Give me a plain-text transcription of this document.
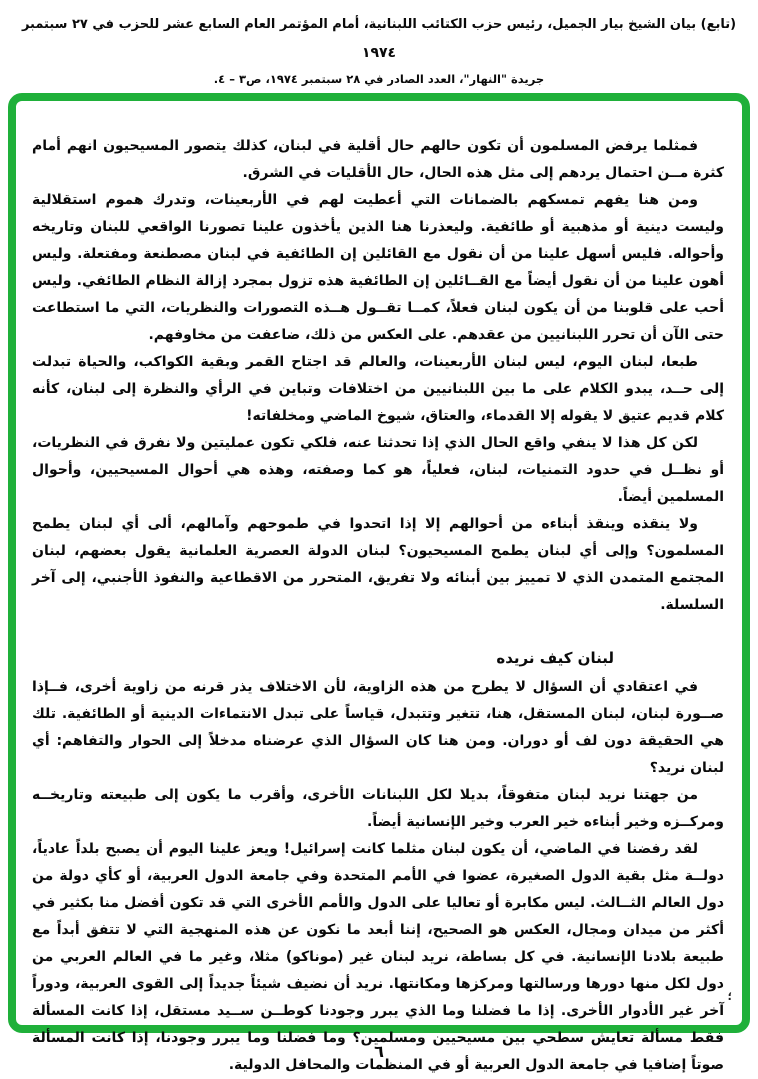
(تابع) بيان الشيخ بيار الجميل، رئيس حزب الكتائب اللبنانية، أمام المؤتمر العام السابع عشر للحزب في ٢٧ سبتمبر
١٩٧٤
جريدة "النهار"، العدد الصادر في ٢٨ سبتمبر ١٩٧٤، ص٣ – ٤.

فمثلما يرفض المسلمون أن تكون حالهم حال أقلية في لبنان، كذلك يتصور المسيحيون انهم أمام كثرة مــن احتمال يردهم إلى مثل هذه الحال، حال الأقليات في الشرق.

ومن هنا يفهم تمسكهم بالضمانات التي أعطيت لهم في الأربعينات، وتدرك هموم استقلالية وليست دينية أو مذهبية أو طائفية. وليعذرنا هنا الذين يأخذون علينا تصورنا الواقعي للبنان وتاريخه وأحواله. فليس أسهل علينا من أن نقول مع القائلين إن الطائفية في لبنان مصطنعة ومفتعلة. وليس أهون علينا من أن نقول أيضاً مع القــائلين إن الطائفية هذه تزول بمجرد إزالة النظام الطائفي. وليس أحب على قلوبنا من أن يكون لبنان فعلاً، كمــا تقــول هــذه التصورات والنظريات، التي ما استطاعت حتى الآن أن تحرر اللبنانيين من عقدهم. على العكس من ذلك، ضاعفت من مخاوفهم.

طبعا، لبنان اليوم، ليس لبنان الأربعينات، والعالم قد اجتاح القمر وبقية الكواكب، والحياة تبدلت إلى حــد، يبدو الكلام على ما بين اللبنانيين من اختلافات وتباين في الرأي والنظرة إلى لبنان، كأنه كلام قديم عتيق لا يقوله إلا القدماء، والعتاق، شيوخ الماضي ومخلفاته!

لكن كل هذا لا ينفي واقع الحال الذي إذا تحدثنا عنه، فلكي تكون عمليتين ولا نفرق في النظريات، أو نظــل في حدود التمنيات، لبنان، فعلياً، هو كما وصفته، وهذه هي أحوال المسيحيين، وأحوال المسلمين أيضاً.

ولا ينقذه وينقذ أبناءه من أحوالهم إلا إذا اتحدوا في طموحهم وآمالهم، ألى أي لبنان يطمح المسلمون؟ وإلى أي لبنان يطمح المسيحيون؟ لبنان الدولة العصرية العلمانية يقول بعضهم، لبنان المجتمع المتمدن الذي لا تمييز بين أبنائه ولا تفريق، المتحرر من الاقطاعية والنفوذ الأجنبي، إلى آخر السلسلة.

لبنان كيف نريده

في اعتقادي أن السؤال لا يطرح من هذه الزاوية، لأن الاختلاف يذر قرنه من زاوية أخرى، فــإذا صــورة لبنان، لبنان المستقل، هنا، تتغير وتتبدل، قياساً على تبدل الانتماءات الدينية أو الطائفية. تلك هي الحقيقة دون لف أو دوران. ومن هنا كان السؤال الذي عرضناه مدخلاً إلى الحوار والتفاهم: أي لبنان نريد؟

من جهتنا نريد لبنان متفوقاً، بديلا لكل اللبنانات الأخرى، وأقرب ما يكون إلى طبيعته وتاريخــه ومركــزه وخير أبناءه خير العرب وخير الإنسانية أيضاً.

لقد رفضنا في الماضي، أن يكون لبنان مثلما كانت إسرائيل! ويعز علينا اليوم أن يصبح بلداً عادياً، دولــة مثل بقية الدول الصغيرة، عضوا في الأمم المتحدة وفي جامعة الدول العربية، أو كأي دولة من دول العالم الثــالث. ليس مكابرة أو تعاليا على الدول والأمم الأخرى التي قد تكون أفضل منا بكثير في أكثر من ميدان ومجال، العكس هو الصحيح، إننا أبعد ما نكون عن هذه المنهجية التي لا تتفق أبداً مع طبيعة بلادنا الإنسانية. في كل بساطة، نريد لبنان غير (موناكو) مثلا، وغير ما في العالم العربي من دول لكل منها دورها ورسالتها ومركزها ومكانتها. نريد أن نضيف شيئاً جديداً إلى القوى العربية، ودوراً آخر غير الأدوار الأخرى. إذا ما فضلنا وما الذي يبرر وجودنا كوطــن ســيد مستقل، إذا كانت المسألة فقط مسألة تعايش سطحي بين مسيحيين ومسلمين؟ وما فضلنا وما يبرر وجودنا، إذا كانت المسألة صوتاً إضافيا في جامعة الدول العربية أو في المنظمات والمحافل الدولية.

؛
٦
